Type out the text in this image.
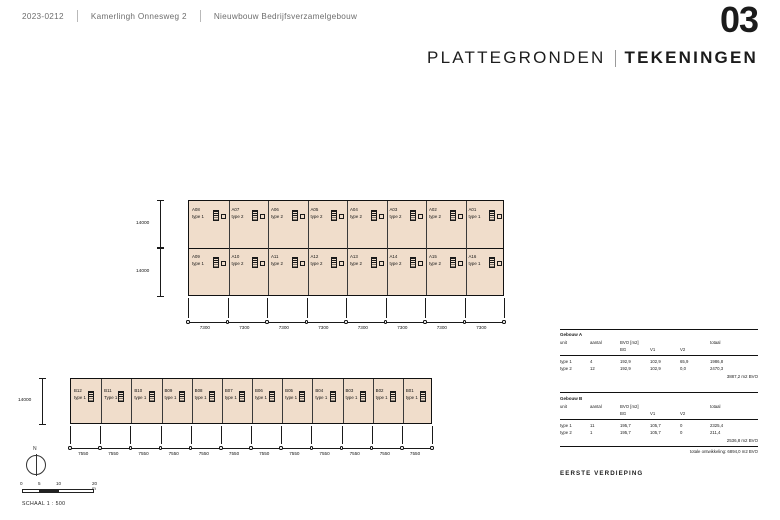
2023-0212	Kamerlingh Onnesweg 2	Nieuwbouw Bedrijfsverzamelgebouw	03
PLATTEGRONDEN TEKENINGEN
A08
type 1
A07
type 2
A06
type 2
A05
type 2
A04
type 2
A03
type 2
A02
type 2
A01
type 1
A09
type 1
A10
type 2
A11
type 2
A12
type 2
A13
type 2
A14
type 2
A15
type 2
A16
type 1
14000
14000
7300	7300	7300	7300	7300	7300	7300	7300
B12
type 1
B11
Type 1
B10
type 1
B09
type 1
B08
type 1
B07
type 1
B06
type 1
B05
type 1
B04
type 1
B03
type 1
B02
type 1
B01
type 1
14000
7550	7550	7550	7550	7550	7550	7550	7550	7550	7550	7550	7550
Gebouw A
unit	aantal	BVO [m2]	totaal
BG	V1	V2
type 1	4	192,9	102,9	65,9	1986,8
type 2	12	192,9	102,9	0,0	2470,3
3887,2 m2 BVO
Gebouw B
unit	aantal	BVO [m2]	totaal
BG	V1	V2
type 1	11	195,7	105,7	0	2325,4
type 2	1	195,7	105,7	0	211,4
2536,8 m2 BVO
totale ontwikkeling: 6894,0 m2 BVO
N
0	5	10	20 m
SCHAAL 1 : 500
EERSTE VERDIEPING
